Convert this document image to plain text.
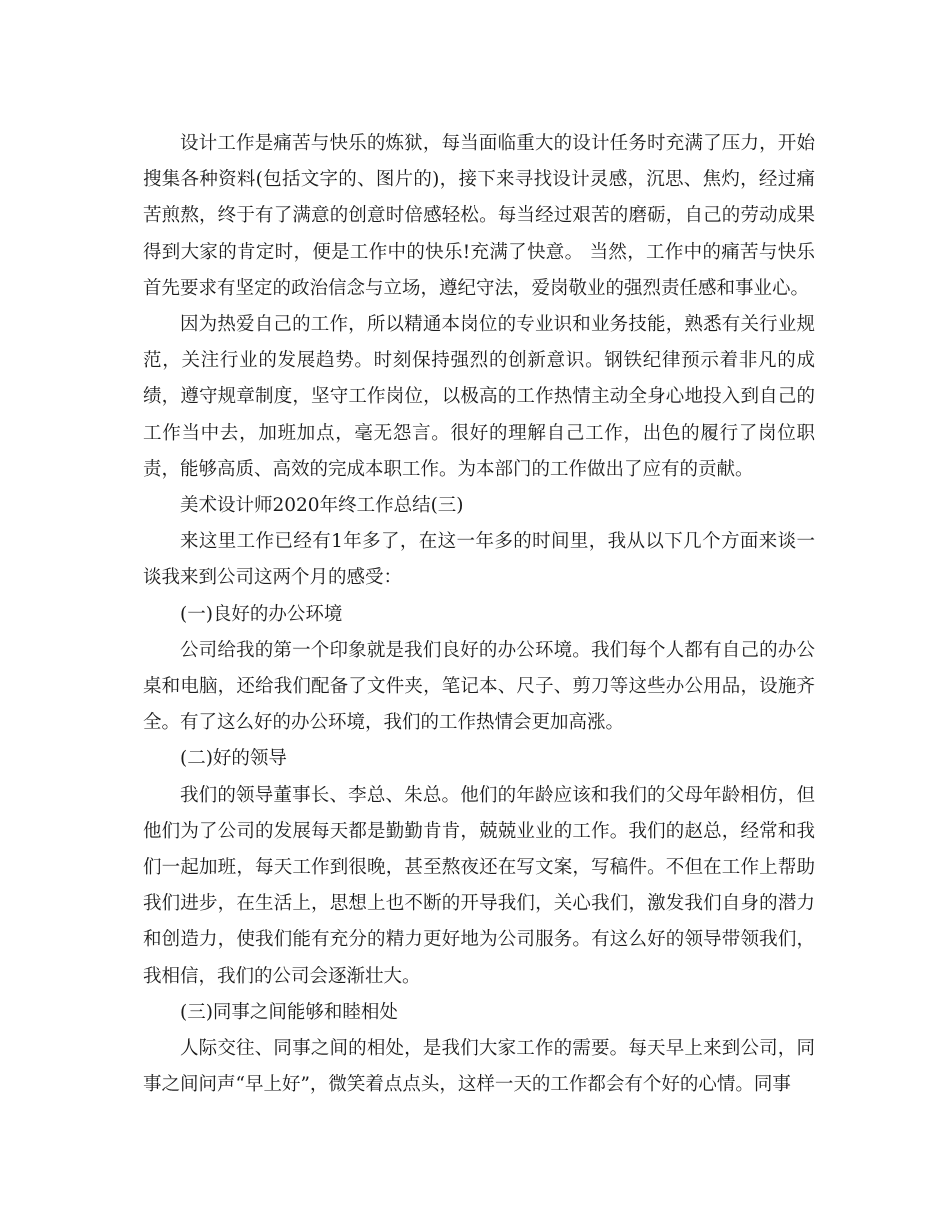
设计工作是痛苦与快乐的炼狱，每当面临重大的设计任务时充满了压力，开始搜集各种资料(包括文字的、图片的)，接下来寻找设计灵感，沉思、焦灼，经过痛苦煎熬，终于有了满意的创意时倍感轻松。每当经过艰苦的磨砺，自己的劳动成果得到大家的肯定时，便是工作中的快乐!充满了快意。 当然，工作中的痛苦与快乐首先要求有坚定的政治信念与立场，遵纪守法，爱岗敬业的强烈责任感和事业心。

因为热爱自己的工作，所以精通本岗位的专业识和业务技能，熟悉有关行业规范，关注行业的发展趋势。时刻保持强烈的创新意识。钢铁纪律预示着非凡的成绩，遵守规章制度，坚守工作岗位，以极高的工作热情主动全身心地投入到自己的工作当中去，加班加点，毫无怨言。很好的理解自己工作，出色的履行了岗位职责，能够高质、高效的完成本职工作。为本部门的工作做出了应有的贡献。

美术设计师2020年终工作总结(三)

来这里工作已经有1年多了，在这一年多的时间里，我从以下几个方面来谈一谈我来到公司这两个月的感受：

(一)良好的办公环境

公司给我的第一个印象就是我们良好的办公环境。我们每个人都有自己的办公桌和电脑，还给我们配备了文件夹，笔记本、尺子、剪刀等这些办公用品，设施齐全。有了这么好的办公环境，我们的工作热情会更加高涨。

(二)好的领导

我们的领导董事长、李总、朱总。他们的年龄应该和我们的父母年龄相仿，但他们为了公司的发展每天都是勤勤肯肯，兢兢业业的工作。我们的赵总，经常和我们一起加班，每天工作到很晚，甚至熬夜还在写文案，写稿件。不但在工作上帮助我们进步，在生活上，思想上也不断的开导我们，关心我们，激发我们自身的潜力和创造力，使我们能有充分的精力更好地为公司服务。有这么好的领导带领我们，我相信，我们的公司会逐渐壮大。

(三)同事之间能够和睦相处

人际交往、同事之间的相处，是我们大家工作的需要。每天早上来到公司，同事之间问声“早上好”，微笑着点点头，这样一天的工作都会有个好的心情。同事
